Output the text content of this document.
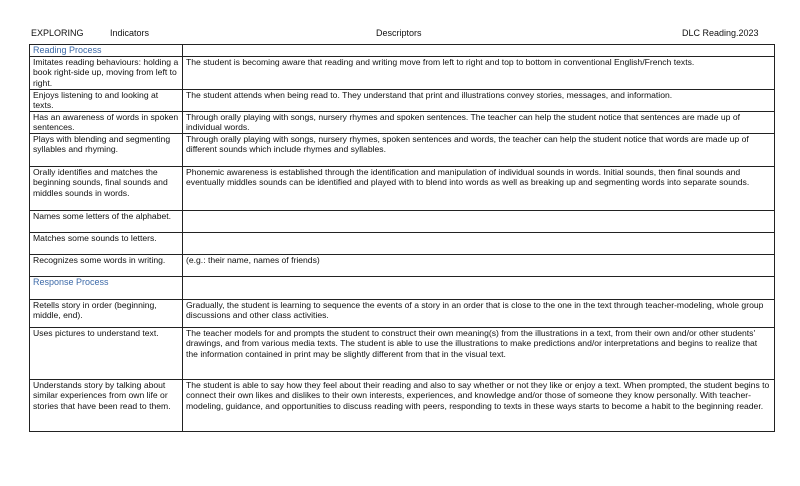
EXPLORING	Indicators	Descriptors	DLC Reading.2023
Reading Process	
Imitates reading behaviours: holding a book right-side up, moving from left to right.	The student is becoming aware that reading and writing move from left to right and top to bottom in conventional English/French texts.
Enjoys listening to and looking at texts.	The student attends when being read to. They understand that print and illustrations convey stories, messages, and information.
Has an awareness of words in spoken sentences.	Through orally playing with songs, nursery rhymes and spoken sentences. The teacher can help the student notice that sentences are made up of individual words.
Plays with blending and segmenting syllables and rhyming.	Through orally playing with songs, nursery rhymes, spoken sentences and words, the teacher can help the student notice that words are made up of different sounds which include rhymes and syllables.
Orally identifies and matches the beginning sounds, final sounds and middles sounds in words.	Phonemic awareness is established through the identification and manipulation of individual sounds in words. Initial sounds, then final sounds and eventually middles sounds can be identified and played with to blend into words as well as breaking up and segmenting words into separate sounds.
Names some letters of the alphabet.	
Matches some sounds to letters.	
Recognizes some words in writing.	(e.g.: their name, names of friends)
Response Process	
Retells story in order (beginning, middle, end).	Gradually, the student is learning to sequence the events of a story in an order that is close to the one in the text through teacher-modeling, whole group discussions and other class activities.
Uses pictures to understand text.	The teacher models for and prompts the student to construct their own meaning(s) from the illustrations in a text, from their own and/or other students' drawings, and from various media texts. The student is able to use the illustrations to make predictions and/or interpretations and begins to realize that the information contained in print may be slightly different from that in the visual text.
Understands story by talking about similar experiences from own life or stories that have been read to them.	The student is able to say how they feel about their reading and also to say whether or not they like or enjoy a text. When prompted, the student begins to connect their own likes and dislikes to their own interests, experiences, and knowledge and/or those of someone they know personally. With teacher-modeling, guidance, and opportunities to discuss reading with peers, responding to texts in these ways starts to become a habit to the beginning reader.
